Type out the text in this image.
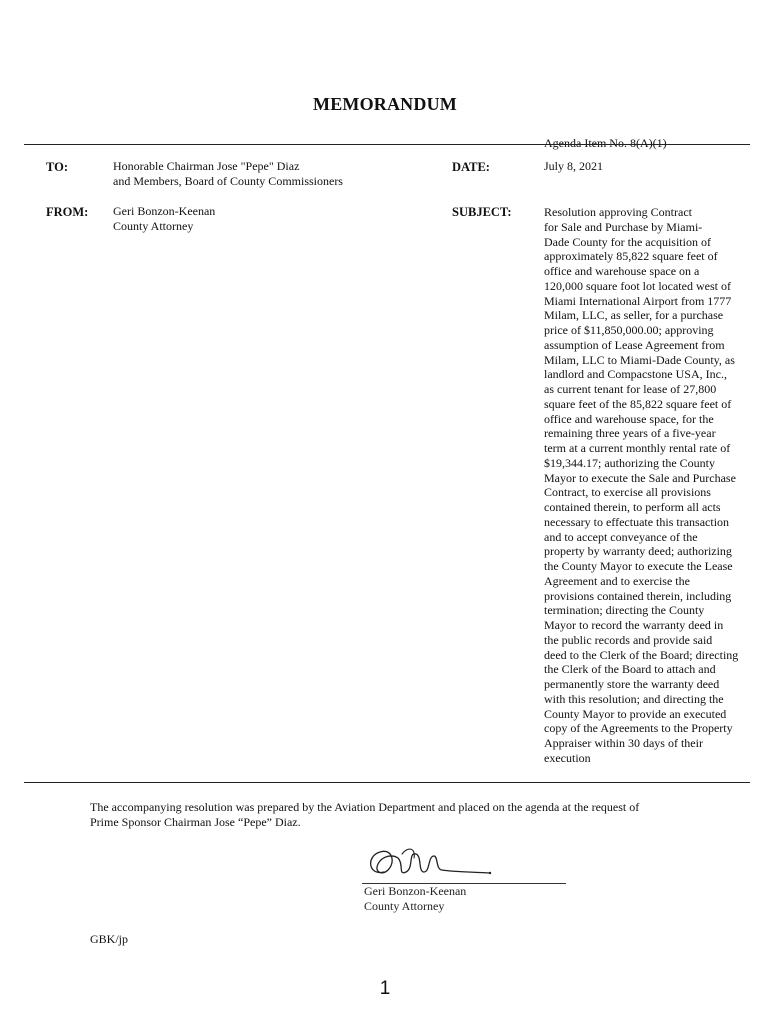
MEMORANDUM
Agenda Item No. 8(A)(1)
TO:	Honorable Chairman Jose "Pepe" Diaz
and Members, Board of County Commissioners
DATE:	July 8, 2021
FROM: Geri Bonzon-Keenan
County Attorney
SUBJECT:	Resolution approving Contract
for Sale and Purchase by Miami-
Dade County for the acquisition of
approximately 85,822 square feet of
office and warehouse space on a
120,000 square foot lot located west of
Miami International Airport from 1777
Milam, LLC, as seller, for a purchase
price of $11,850,000.00; approving
assumption of Lease Agreement from
Milam, LLC to Miami-Dade County, as
landlord and Compacstone USA, Inc.,
as current tenant for lease of 27,800
square feet of the 85,822 square feet of
office and warehouse space, for the
remaining three years of a five-year
term at a current monthly rental rate of
$19,344.17; authorizing the County
Mayor to execute the Sale and Purchase
Contract, to exercise all provisions
contained therein, to perform all acts
necessary to effectuate this transaction
and to accept conveyance of the
property by warranty deed; authorizing
the County Mayor to execute the Lease
Agreement and to exercise the
provisions contained therein, including
termination; directing the County
Mayor to record the warranty deed in
the public records and provide said
deed to the Clerk of the Board; directing
the Clerk of the Board to attach and
permanently store the warranty deed
with this resolution; and directing the
County Mayor to provide an executed
copy of the Agreements to the Property
Appraiser within 30 days of their
execution
The accompanying resolution was prepared by the Aviation Department and placed on the agenda at the request of
Prime Sponsor Chairman Jose “Pepe” Diaz.
Geri Bonzon-Keenan
County Attorney
GBK/jp
1
